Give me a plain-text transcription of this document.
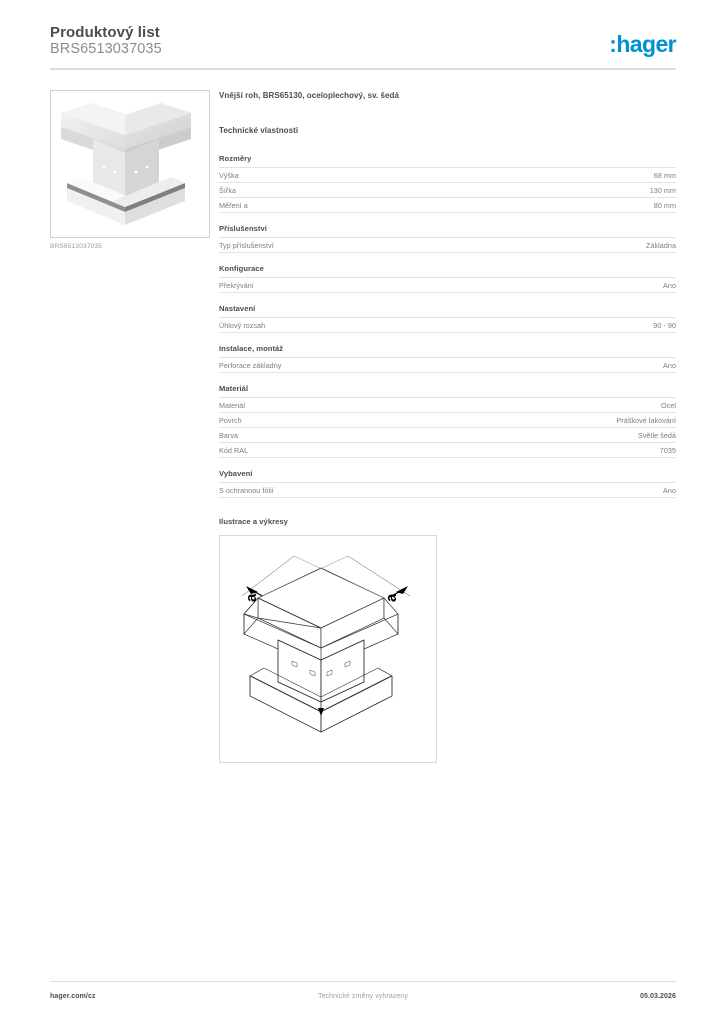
Produktový list
BRS6513037035	:hager
BRS6513037035
Vnější roh, BRS65130, oceloplechový, sv. šedá
Technické vlastnosti
Rozměry
Výška	68 mm
Šířka	130 mm
Měření a	80 mm
Příslušenství
Typ příslušenství	Základna
Konfigurace
Překrývání	Ano
Nastavení
Úhlový rozsah	90 - 90
Instalace, montáž
Perforace základny	Ano
Materiál
Materiál	Ocel
Povrch	Práškové lakování
Barva	Světle šedá
Kód RAL	7035
Vybavení
S ochrannou fólií	Ano
Ilustrace a výkresy
a	a
hager.com/cz	Technické změny vyhrazeny	05.03.2026
